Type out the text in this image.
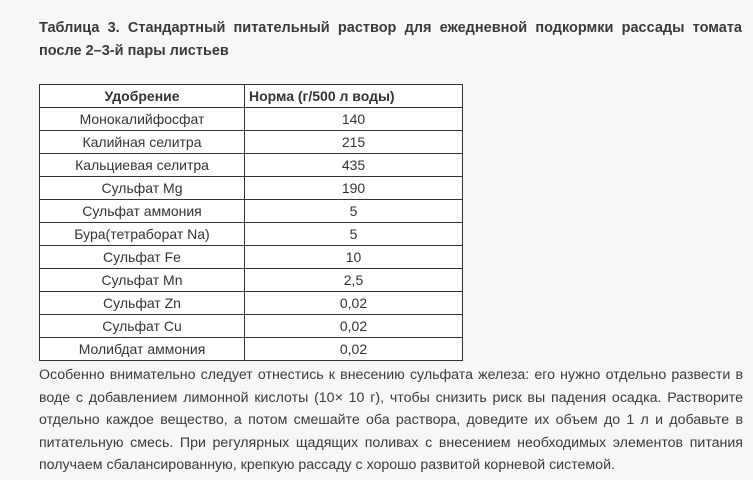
Таблица 3. Стандартный питательный раствор для ежедневной подкормки рассады томата после 2–3-й пары листьев

Удобрение	Норма (г/500 л воды)
Монокалийфосфат	140
Калийная селитра	215
Кальциевая селитра	435
Сульфат Mg	190
Сульфат аммония	5
Бура(тетраборат Na)	5
Сульфат Fe	10
Сульфат Mn	2,5
Сульфат Zn	0,02
Сульфат Cu	0,02
Молибдат аммония	0,02

Особенно внимательно следует отнестись к внесению сульфата железа: его нужно отдельно развести в воде с добавлением лимонной кислоты (10× 10 г), чтобы снизить риск вы падения осадка. Растворите отдельно каждое вещество, а потом смешайте оба раствора, доведите их объем до 1 л и добавьте в питательную смесь. При регулярных щадящих поливах с внесением необходимых элементов питания получаем сбалансированную, крепкую рассаду с хорошо развитой корневой системой.
